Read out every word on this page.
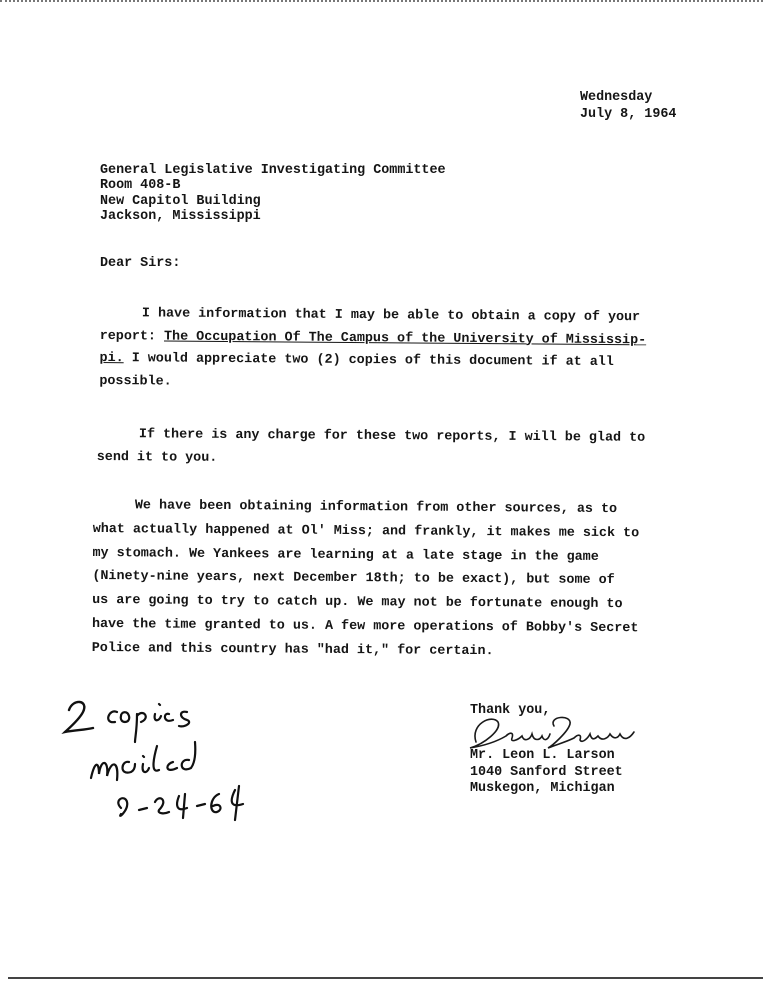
Wednesday
July 8, 1964

General Legislative Investigating Committee
Room 408-B
New Capitol Building
Jackson, Mississippi

Dear Sirs:

I have information that I may be able to obtain a copy of your
report: The Occupation Of The Campus of the University of Mississip-
pi. I would appreciate two (2) copies of this document if at all
possible.
If there is any charge for these two reports, I will be glad to
send it to you.
We have been obtaining information from other sources, as to
what actually happened at Ol' Miss; and frankly, it makes me sick to
my stomach. We Yankees are learning at a late stage in the game
(Ninety-nine years, next December 18th; to be exact), but some of
us are going to try to catch up. We may not be fortunate enough to
have the time granted to us. A few more operations of Bobby's Secret
Police and this country has "had it," for certain.

Thank you,

Mr. Leon L. Larson
1040 Sanford Street
Muskegon, Michigan
